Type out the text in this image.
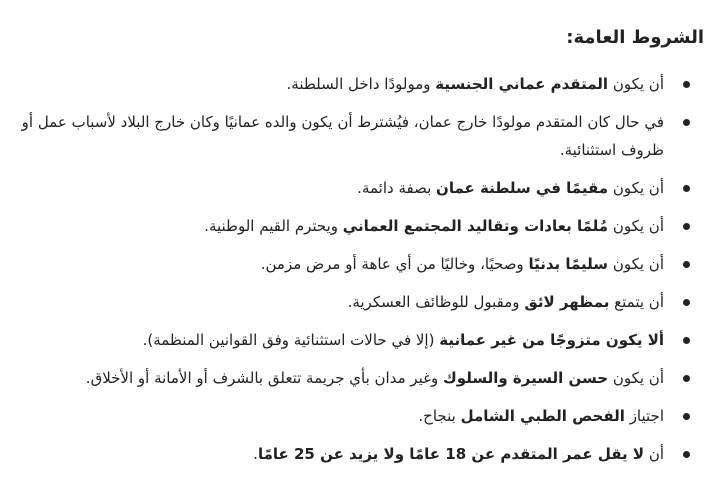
الشروط العامة:
أن يكون المتقدم عماني الجنسية ومولودًا داخل السلطنة.
في حال كان المتقدم مولودًا خارج عمان، فيُشترط أن يكون والده عمانيًا وكان خارج البلاد لأسباب عمل أو ظروف استثنائية.
أن يكون مقيمًا في سلطنة عمان بصفة دائمة.
أن يكون مُلمًا بعادات وتقاليد المجتمع العماني ويحترم القيم الوطنية.
أن يكون سليمًا بدنيًا وصحيًا، وخاليًا من أي عاهة أو مرض مزمن.
أن يتمتع بمظهر لائق ومقبول للوظائف العسكرية.
ألا يكون متزوجًا من غير عمانية (إلا في حالات استثنائية وفق القوانين المنظمة).
أن يكون حسن السيرة والسلوك وغير مدان بأي جريمة تتعلق بالشرف أو الأمانة أو الأخلاق.
اجتياز الفحص الطبي الشامل بنجاح.
أن لا يقل عمر المتقدم عن 18 عامًا ولا يزيد عن 25 عامًا.
